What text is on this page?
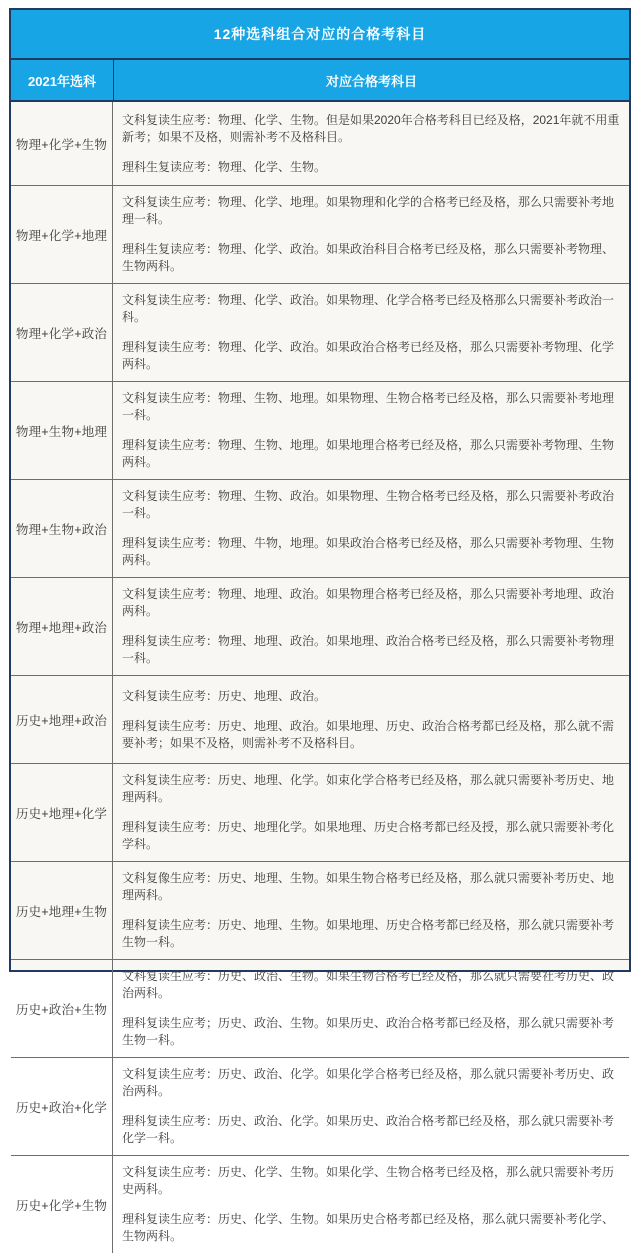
12种选科组合对应的合格考科目
2021年选科	对应合格考科目
物理+化学+生物

文科复读生应考：物理、化学、生物。但是如果2020年合格考科目已经及格，2021年就不用重新考；如果不及格，则需补考不及格科目。

理科生复读应考：物理、化学、生物。

物理+化学+地理

文科复读生应考：物理、化学、地理。如果物理和化学的合格考已经及格，那么只需要补考地理一科。

理科生复读应考：物理、化学、政治。如果政治科目合格考已经及格，那么只需要补考物理、生物两科。

物理+化学+政治

文科复读生应考：物理、化学、政治。如果物理、化学合格考已经及格那么只需要补考政治一科。

理科复读生应考：物理、化学、政治。如果政治合格考已经及格，那么只需要补考物理、化学两科。

物理+生物+地理

文科复读生应考：物理、生物、地理。如果物理、生物合格考已经及格，那么只需要补考地理一科。

理科复读生应考：物理、生物、地理。如果地理合格考已经及格，那么只需要补考物理、生物两科。

物理+生物+政治

文科复读生应考：物理、生物、政治。如果物理、生物合格考已经及格，那么只需要补考政治一科。

理科复读生应考：物理、牛物，地理。如果政治合格考已经及格，那么只需要补考物理、生物两科。

物理+地理+政治

文科复读生应考：物理、地理、政治。如果物理合格考已经及格，那么只需要补考地理、政治两科。

理科复读生应考：物理、地理、政治。如果地理、政治合格考已经及格，那么只需要补考物理一科。

历史+地理+政治

文科复读生应考：历史、地理、政治。

理科复读生应考：历史、地理、政治。如果地理、历史、政治合格考都已经及格，那么就不需要补考；如果不及格，则需补考不及格科目。

历史+地理+化学

文科复读生应考：历史、地理、化学。如束化学合格考已经及格，那么就只需要补考历史、地理两科。

理科复读生应考：历史、地理化学。如果地理、历史合格考都已经及授，那么就只需要补考化学科。

历史+地理+生物

文科复像生应考：历史、地理、生物。如果生物合格考已经及格，那么就只需要补考历史、地理两科。

理科复读生应考：历史、地理、生物。如果地理、历史合格考都已经及格，那么就只需要补考生物一科。

历史+政治+生物

文科复读生应考：历史、政治、生物。如果生物合格考已经及格，那么就只需要社考历史、政治两科。

理科复读生应考；历史、政治、生物。如果历史、政治合格考都已经及格，那么就只需要补考生物一科。

历史+政治+化学

文科复读生应考：历史、政治、化学。如果化学合格考已经及格，那么就只需要补考历史、政治两科。

理科复读生应考：历史、政治、化学。如果历史、政治合格考都已经及格，那么就只需要补考化学一科。

历史+化学+生物

文科复读生应考：历史、化学、生物。如果化学、生物合格考已经及格，那么就只需要补考历史两科。

理科复读生应考：历史、化学、生物。如果历史合格考都已经及格，那么就只需要补考化学、生物两科。
